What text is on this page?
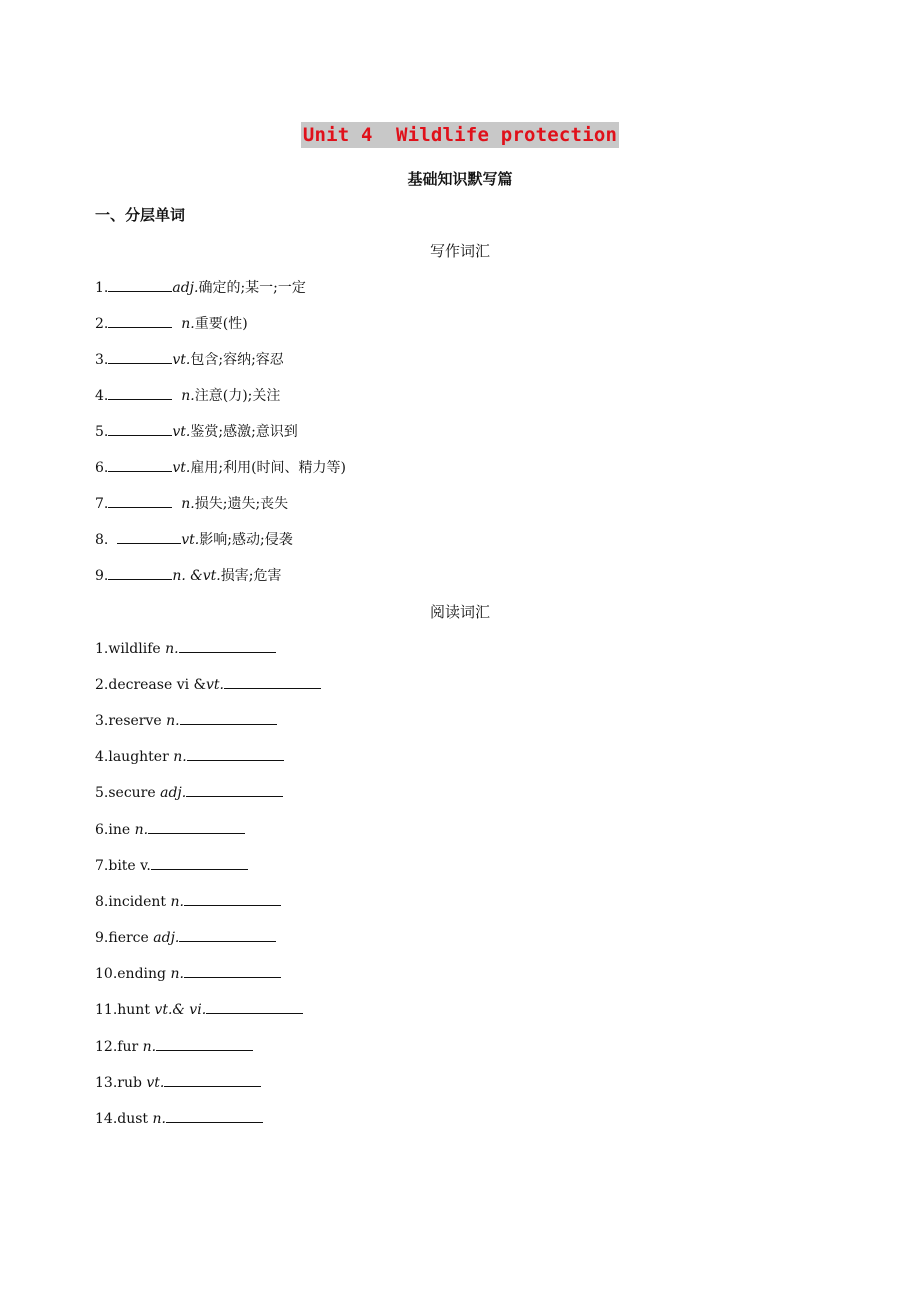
Unit 4  Wildlife protection
基础知识默写篇
一、分层单词
写作词汇
1.	adj.确定的;某一;一定
2.	n.重要(性)
3.	vt.包含;容纳;容忍
4.	n.注意(力);关注
5.	vt.鉴赏;感激;意识到
6.	vt.雇用;利用(时间、精力等)
7.	n.损失;遗失;丧失
8.	vt.影响;感动;侵袭
9.	n. &vt.损害;危害
阅读词汇
1.wildlife n.
2.decrease vi &vt.
3.reserve n.
4.laughter n.
5.secure adj.
6.ine n.
7.bite v.
8.incident n.
9.fierce adj.
10.ending n.
11.hunt vt.& vi.
12.fur n.
13.rub vt.
14.dust n.
